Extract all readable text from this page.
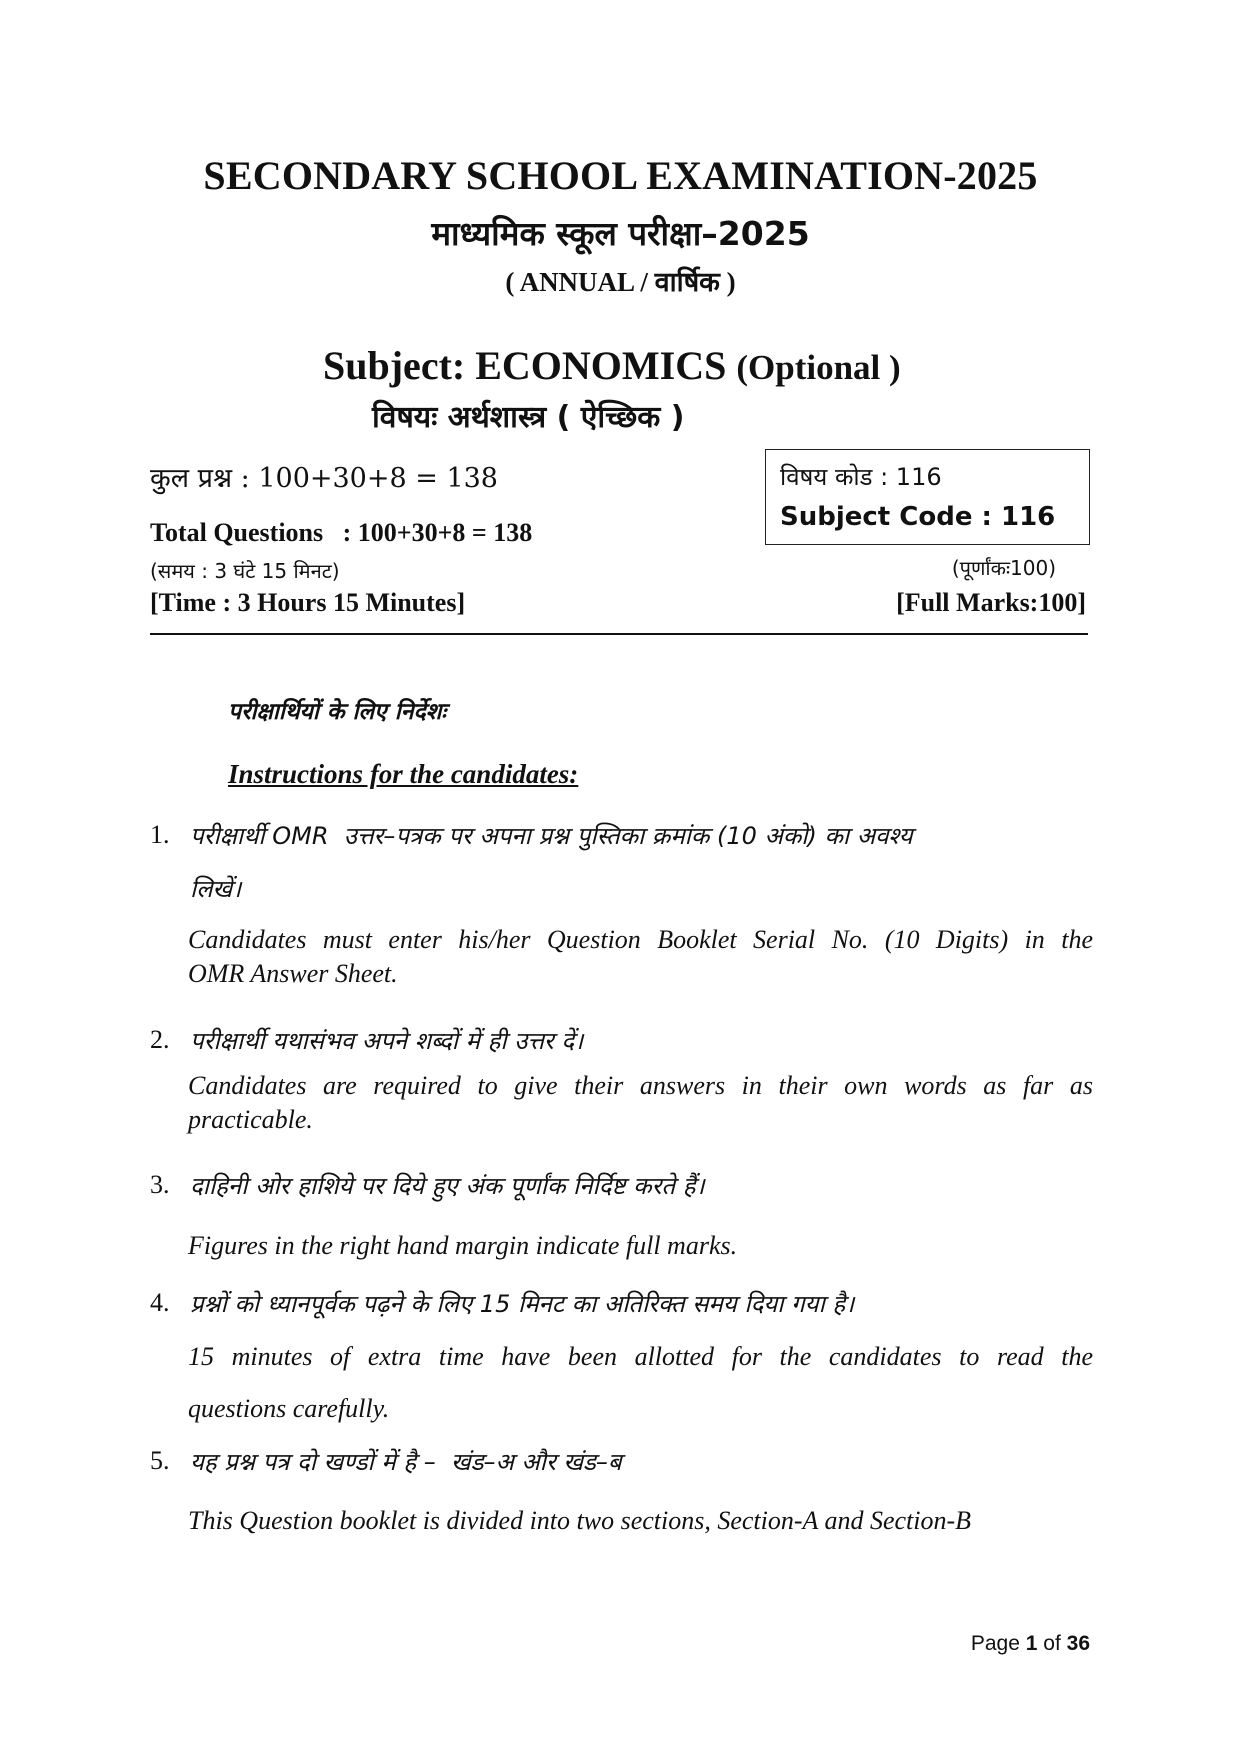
SECONDARY SCHOOL EXAMINATION-2025
माध्यमिक स्कूल परीक्षा–2025
( ANNUAL / वार्षिक )
Subject: ECONOMICS (Optional )
विषयः अर्थशास्त्र ( ऐच्छिक )
कुल प्रश्न : 100+30+8 = 138
Total Questions   : 100+30+8 = 138
(समय : 3 घंटे 15 मिनट)
[Time : 3 Hours 15 Minutes]
विषय कोड : 116
Subject Code : 116
(पूर्णांकः100)
[Full Marks:100]
परीक्षार्थियों के लिए निर्देशः
Instructions for the candidates:
1. परीक्षार्थी OMR  उत्तर–पत्रक पर अपना प्रश्न पुस्तिका क्रमांक (10 अंको) का अवश्य
लिखें।
Candidates must enter his/her Question Booklet Serial No. (10 Digits) in the
OMR Answer Sheet.
2. परीक्षार्थी यथासंभव अपने शब्दों में ही उत्तर दें।
Candidates are required to give their answers in their own words as far as
practicable.
3. दाहिनी ओर हाशिये पर दिये हुए अंक पूर्णांक निर्दिष्ट करते हैं।
Figures in the right hand margin indicate full marks.
4. प्रश्नों को ध्यानपूर्वक पढ़ने के लिए 15 मिनट का अतिरिक्त समय दिया गया है।
15 minutes of extra time have been allotted for the candidates to read the
questions carefully.
5. यह प्रश्न पत्र दो खण्डों में है –  खंड–अ और खंड–ब
This Question booklet is divided into two sections, Section-A and Section-B
Page 1 of 36
